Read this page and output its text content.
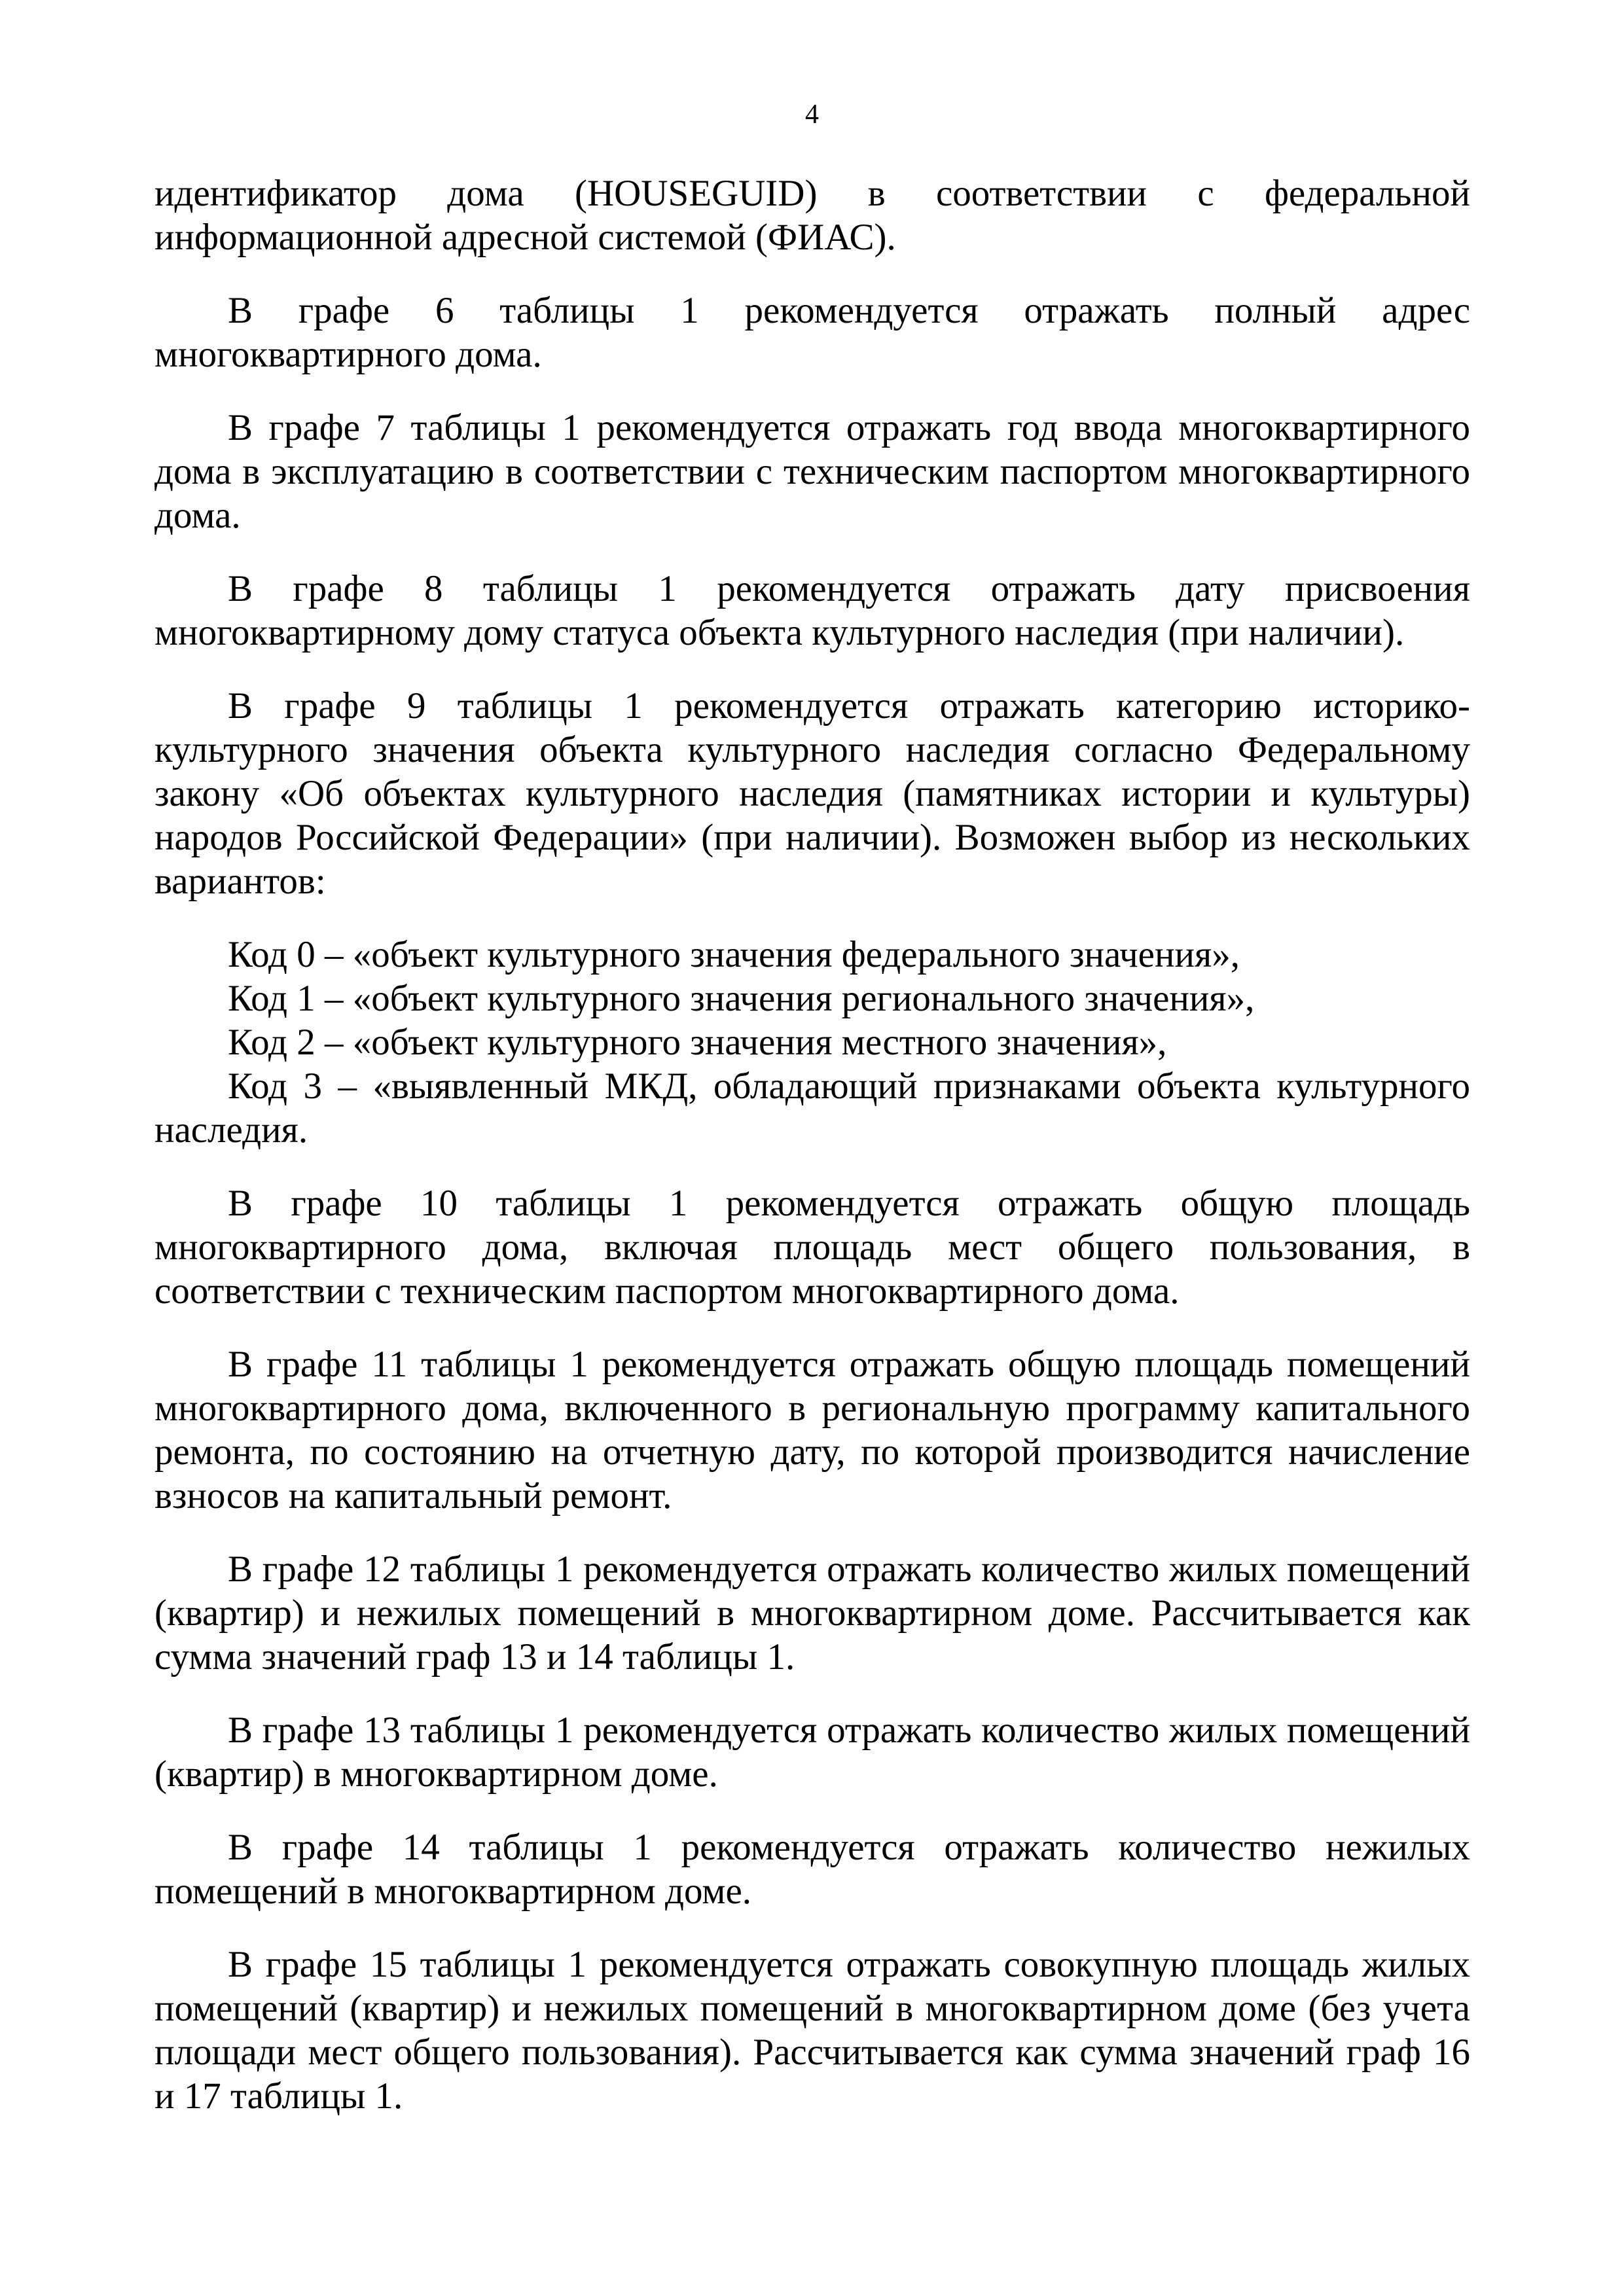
4

идентификатор дома (HOUSEGUID) в соответствии с федеральной информационной адресной системой (ФИАС).

В графе 6 таблицы 1 рекомендуется отражать полный адрес многоквартирного дома.

В графе 7 таблицы 1 рекомендуется отражать год ввода многоквартирного дома в эксплуатацию в соответствии с техническим паспортом многоквартирного дома.

В графе 8 таблицы 1 рекомендуется отражать дату присвоения многоквартирному дому статуса объекта культурного наследия (при наличии).

В графе 9 таблицы 1 рекомендуется отражать категорию историко-культурного значения объекта культурного наследия согласно Федеральному закону «Об объектах культурного наследия (памятниках истории и культуры) народов Российской Федерации» (при наличии). Возможен выбор из нескольких вариантов:

Код 0 – «объект культурного значения федерального значения»,

Код 1 – «объект культурного значения регионального значения»,

Код 2 – «объект культурного значения местного значения»,

Код 3 – «выявленный МКД, обладающий признаками объекта культурного наследия.

В графе 10 таблицы 1 рекомендуется отражать общую площадь многоквартирного дома, включая площадь мест общего пользования, в соответствии с техническим паспортом многоквартирного дома.

В графе 11 таблицы 1 рекомендуется отражать общую площадь помещений многоквартирного дома, включенного в региональную программу капитального ремонта, по состоянию на отчетную дату, по которой производится начисление взносов на капитальный ремонт.

В графе 12 таблицы 1 рекомендуется отражать количество жилых помещений (квартир) и нежилых помещений в многоквартирном доме. Рассчитывается как сумма значений граф 13 и 14 таблицы 1.

В графе 13 таблицы 1 рекомендуется отражать количество жилых помещений (квартир) в многоквартирном доме.

В графе 14 таблицы 1 рекомендуется отражать количество нежилых помещений в многоквартирном доме.

В графе 15 таблицы 1 рекомендуется отражать совокупную площадь жилых помещений (квартир) и нежилых помещений в многоквартирном доме (без учета площади мест общего пользования). Рассчитывается как сумма значений граф 16 и 17 таблицы 1.
